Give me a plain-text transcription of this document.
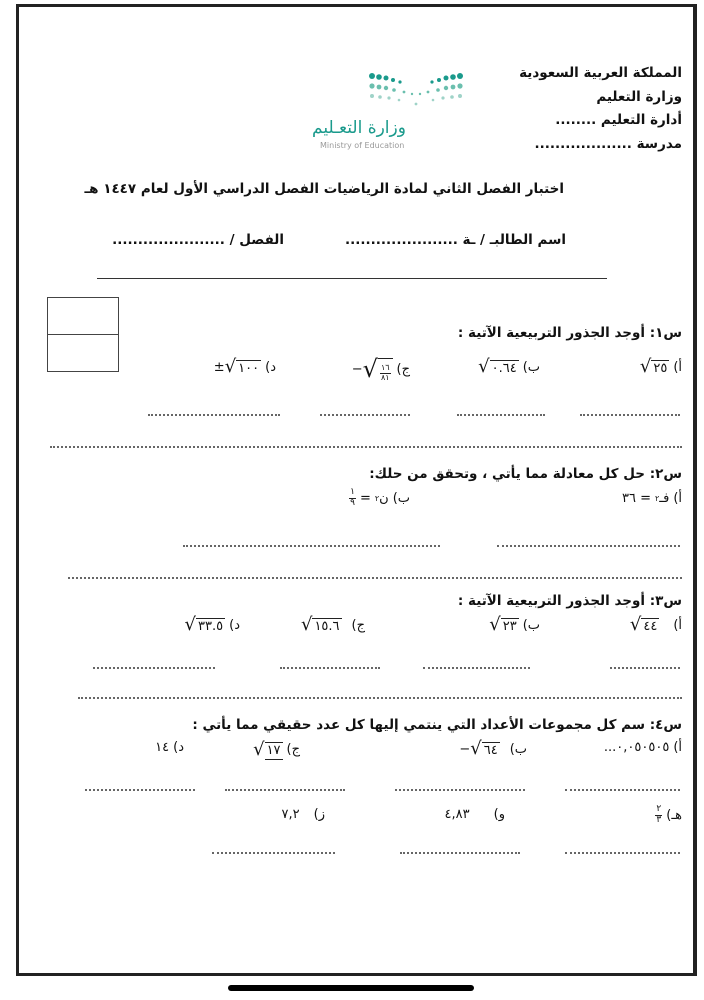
المملكة العربية السعودية
وزارة التعليم
أدارة التعليم ........
مدرسة ...................
وزارة التعـليم
Ministry of Education
اختبار الفصل الثاني لمادة الرياضيات الفصل الدراسي الأول لعام ١٤٤٧ هـ
اسم الطالبـ / ـة ......................
الفصل / ......................
س١: أوجد الجذور التربيعية الآتية :
أ)
√ ٢٥
ب)
√ ٠.٦٤
ج)
− √ $\frac{١٦}{٨١}$
د)
± √ ١٠٠
س٢: حل كل معادلة مما يأتي ، وتحقق من حلك:
أ)
فـ
٢
= ٣٦
ب)
ن
٢
=
$\frac{١}{٩}$
س٣: أوجد الجذور التربيعية الآتية :
أ)
√ ٤٤
ب)
√ ٢٣
ج)
√ ١٥.٦
د)
√ ٣٣.٥
س٤: سم كل مجموعات الأعداد التي ينتمي إليها كل عدد حقيقي مما يأتي :
أ)
...٠,٠٥٠٥٠٥
ب)
− √ ٦٤
ج)
√ ١٧
د)
١٤
هـ)
$\frac{٢}{٣}$
و)
٤,٨٣
ز)
٧,٢
